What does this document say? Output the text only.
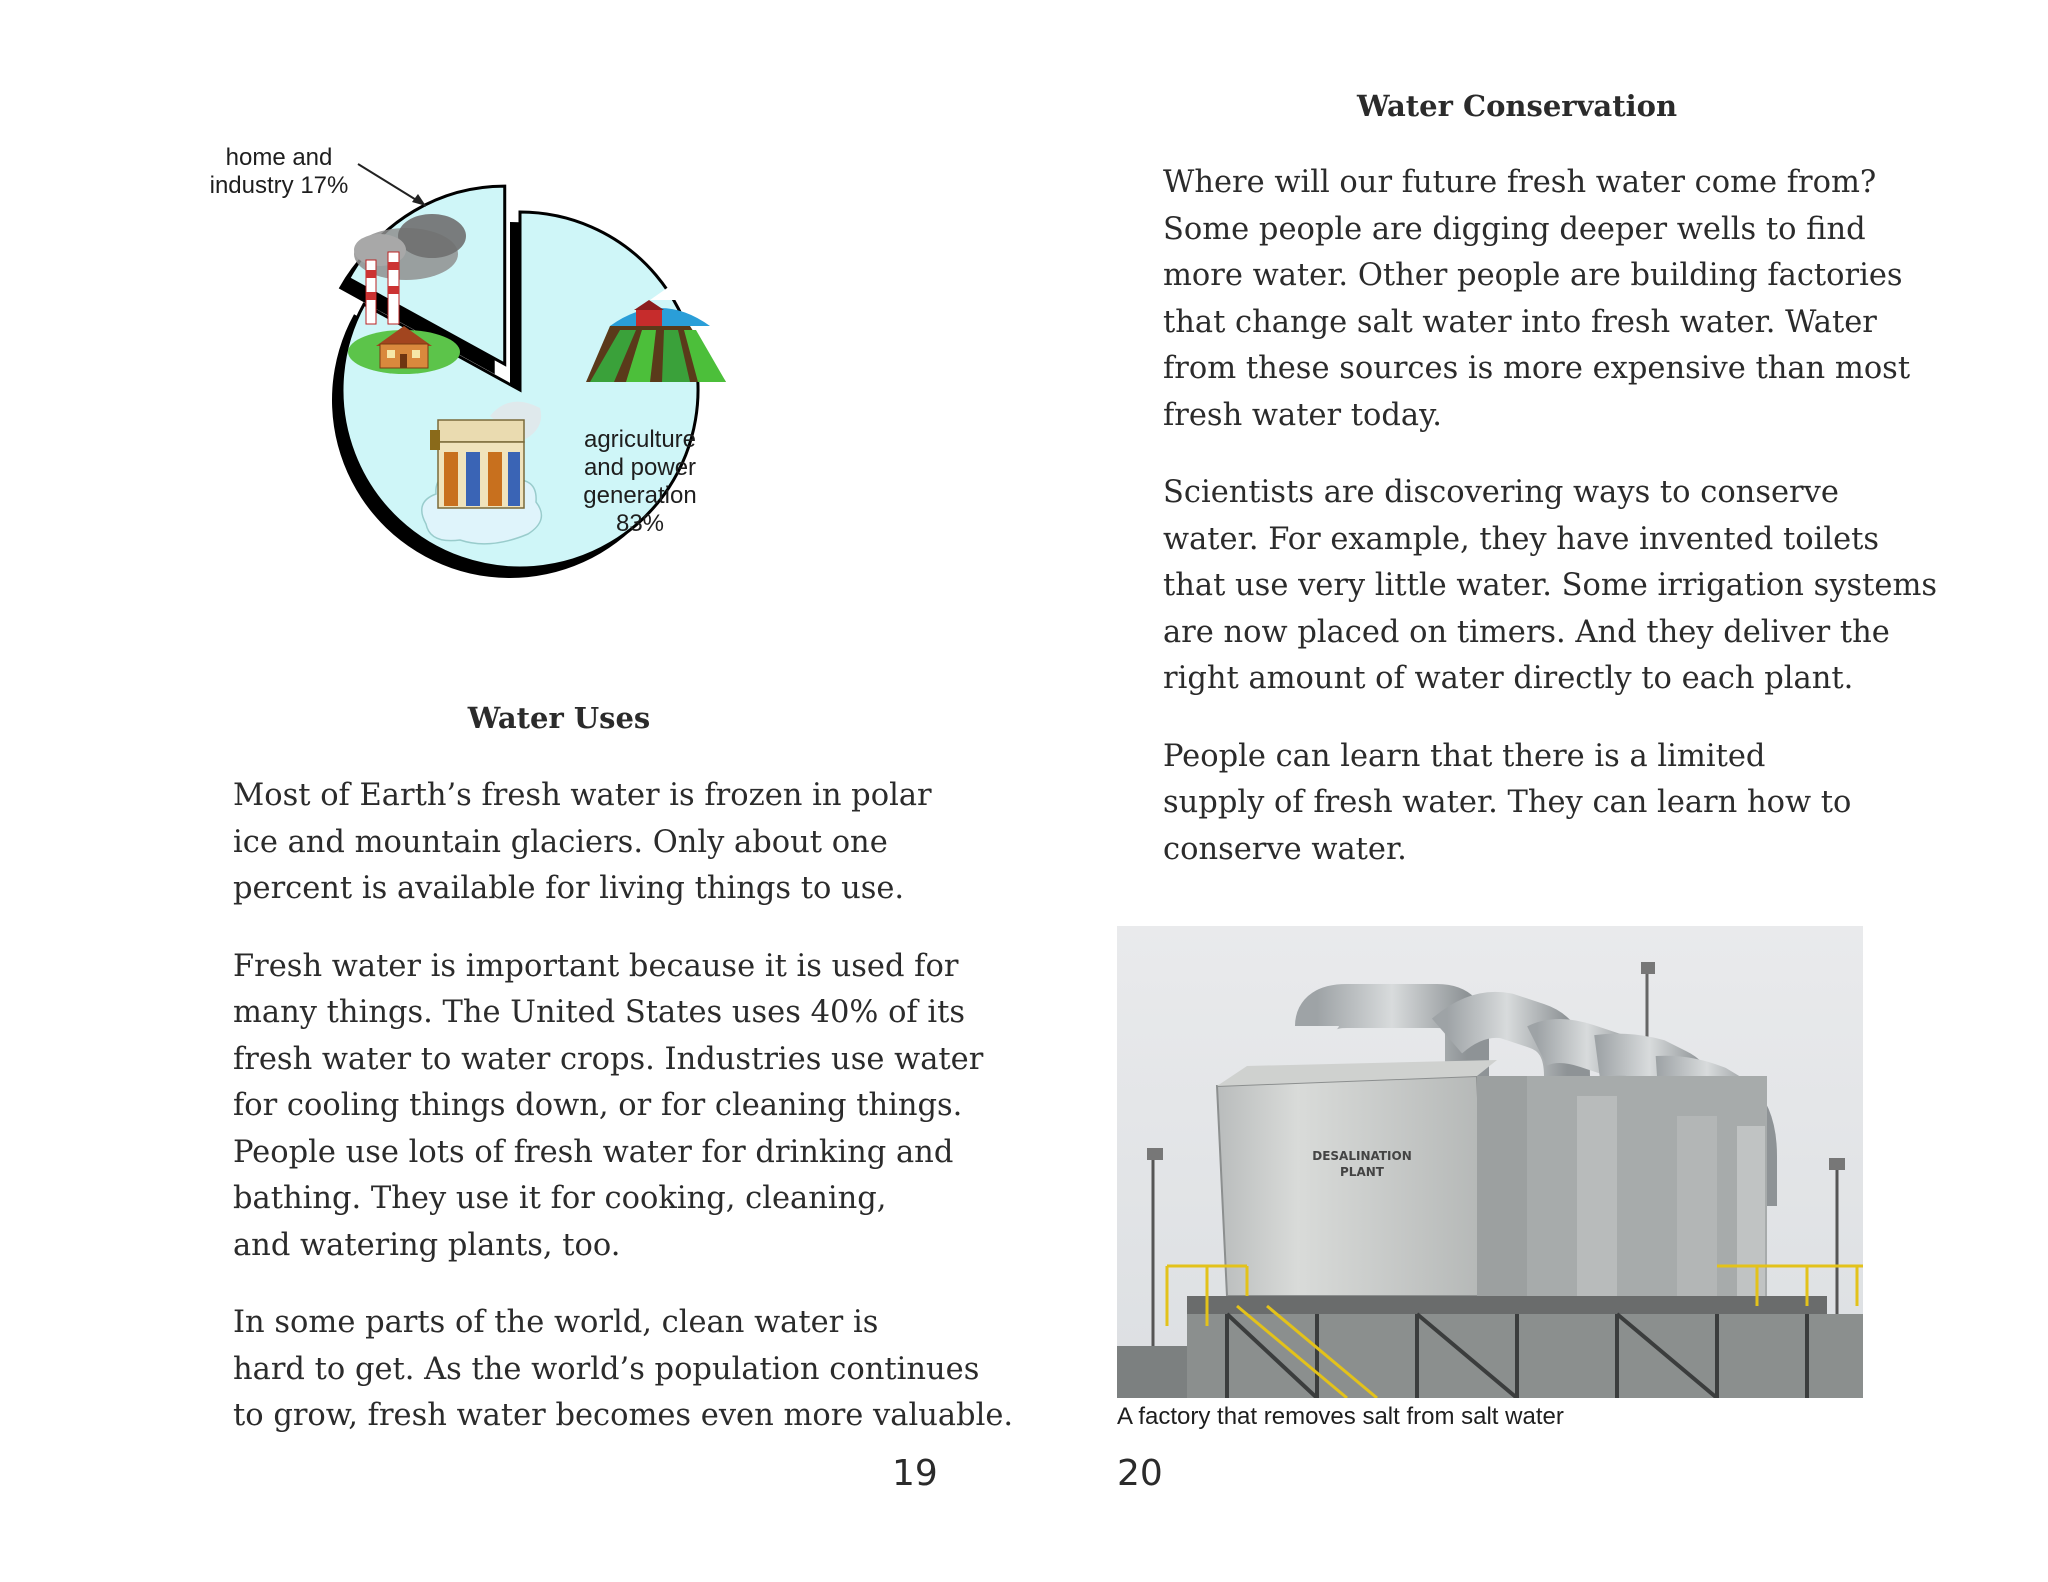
home and
industry 17%
agriculture
and power
generation
83%
Water Uses

Most of Earth’s fresh water is frozen in polar
ice and mountain glaciers. Only about one
percent is available for living things to use.

Fresh water is important because it is used for
many things. The United States uses 40% of its
fresh water to water crops. Industries use water
for cooling things down, or for cleaning things.
People use lots of fresh water for drinking and
bathing. They use it for cooking, cleaning,
and watering plants, too.

In some parts of the world, clean water is
hard to get. As the world’s population continues
to grow, fresh water becomes even more valuable.

19
Water Conservation

Where will our future fresh water come from?
Some people are digging deeper wells to find
more water. Other people are building factories
that change salt water into fresh water. Water
from these sources is more expensive than most
fresh water today.

Scientists are discovering ways to conserve
water. For example, they have invented toilets
that use very little water. Some irrigation systems
are now placed on timers. And they deliver the
right amount of water directly to each plant.

People can learn that there is a limited
supply of fresh water. They can learn how to
conserve water.

DESALINATION
PLANT
A factory that removes salt from salt water
20
